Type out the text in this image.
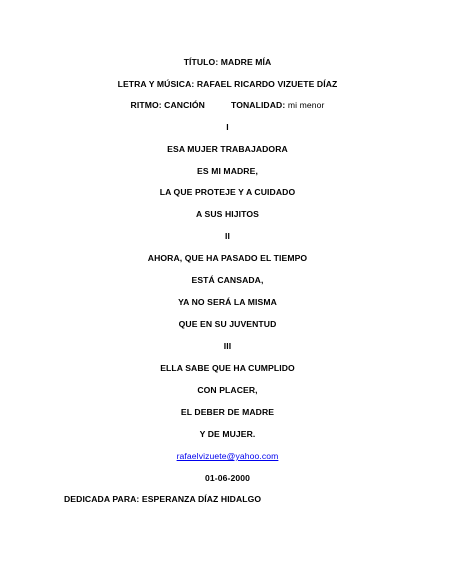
TÍTULO: MADRE MÍA
LETRA Y MÚSICA: RAFAEL RICARDO VIZUETE DÍAZ
RITMO: CANCIÓN	TONALIDAD: mi menor
I
ESA MUJER TRABAJADORA
ES MI MADRE,
LA QUE PROTEJE Y A CUIDADO
A SUS HIJITOS
II
AHORA, QUE HA PASADO EL TIEMPO
ESTÁ CANSADA,
YA NO SERÁ LA MISMA
QUE EN SU JUVENTUD
III
ELLA SABE QUE HA CUMPLIDO
CON PLACER,
EL DEBER DE MADRE
Y DE MUJER.
rafaelvizuete@yahoo.com
01-06-2000
DEDICADA PARA: ESPERANZA DÍAZ HIDALGO
